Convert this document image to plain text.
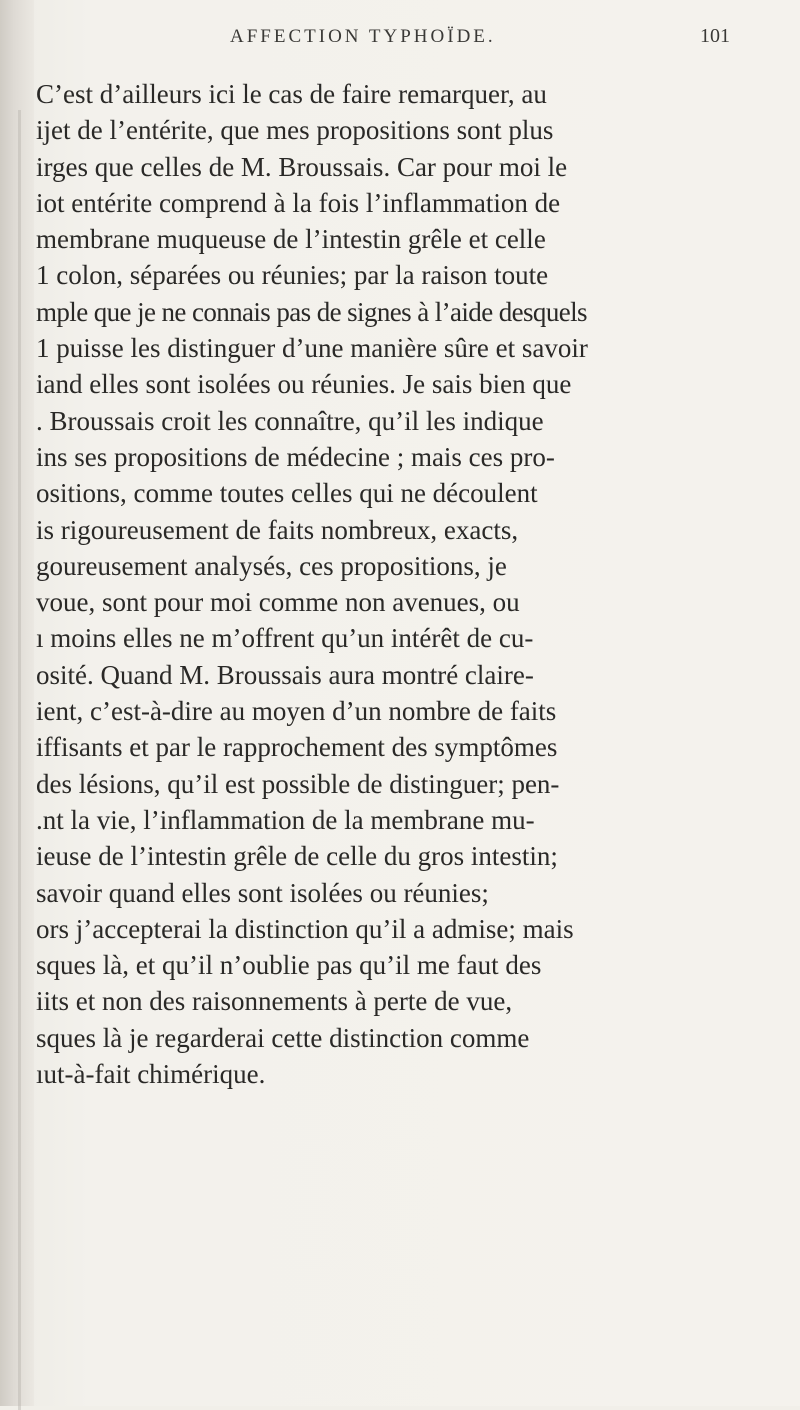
AFFECTION TYPHOÏDE.	101
C’est d’ailleurs ici le cas de faire remarquer, au
ijet de l’entérite, que mes propositions sont plus
irges que celles de M. Broussais. Car pour moi le
iot entérite comprend à la fois l’inflammation de
membrane muqueuse de l’intestin grêle et celle
1 colon, séparées ou réunies; par la raison toute
mple que je ne connais pas de signes à l’aide desquels
1 puisse les distinguer d’une manière sûre et savoir
iand elles sont isolées ou réunies. Je sais bien que
. Broussais croit les connaître, qu’il les indique
ins ses propositions de médecine ; mais ces pro-
ositions, comme toutes celles qui ne découlent
is rigoureusement de faits nombreux, exacts,
goureusement analysés, ces propositions, je
voue, sont pour moi comme non avenues, ou
ı moins elles ne m’offrent qu’un intérêt de cu-
osité. Quand M. Broussais aura montré claire-
ient, c’est-à-dire au moyen d’un nombre de faits
iffisants et par le rapprochement des symptômes
des lésions, qu’il est possible de distinguer; pen-
.nt la vie, l’inflammation de la membrane mu-
ieuse de l’intestin grêle de celle du gros intestin;
savoir quand elles sont isolées ou réunies;
ors j’accepterai la distinction qu’il a admise; mais
sques là, et qu’il n’oublie pas qu’il me faut des
iits et non des raisonnements à perte de vue,
sques là je regarderai cette distinction comme
ıut-à-fait chimérique.
